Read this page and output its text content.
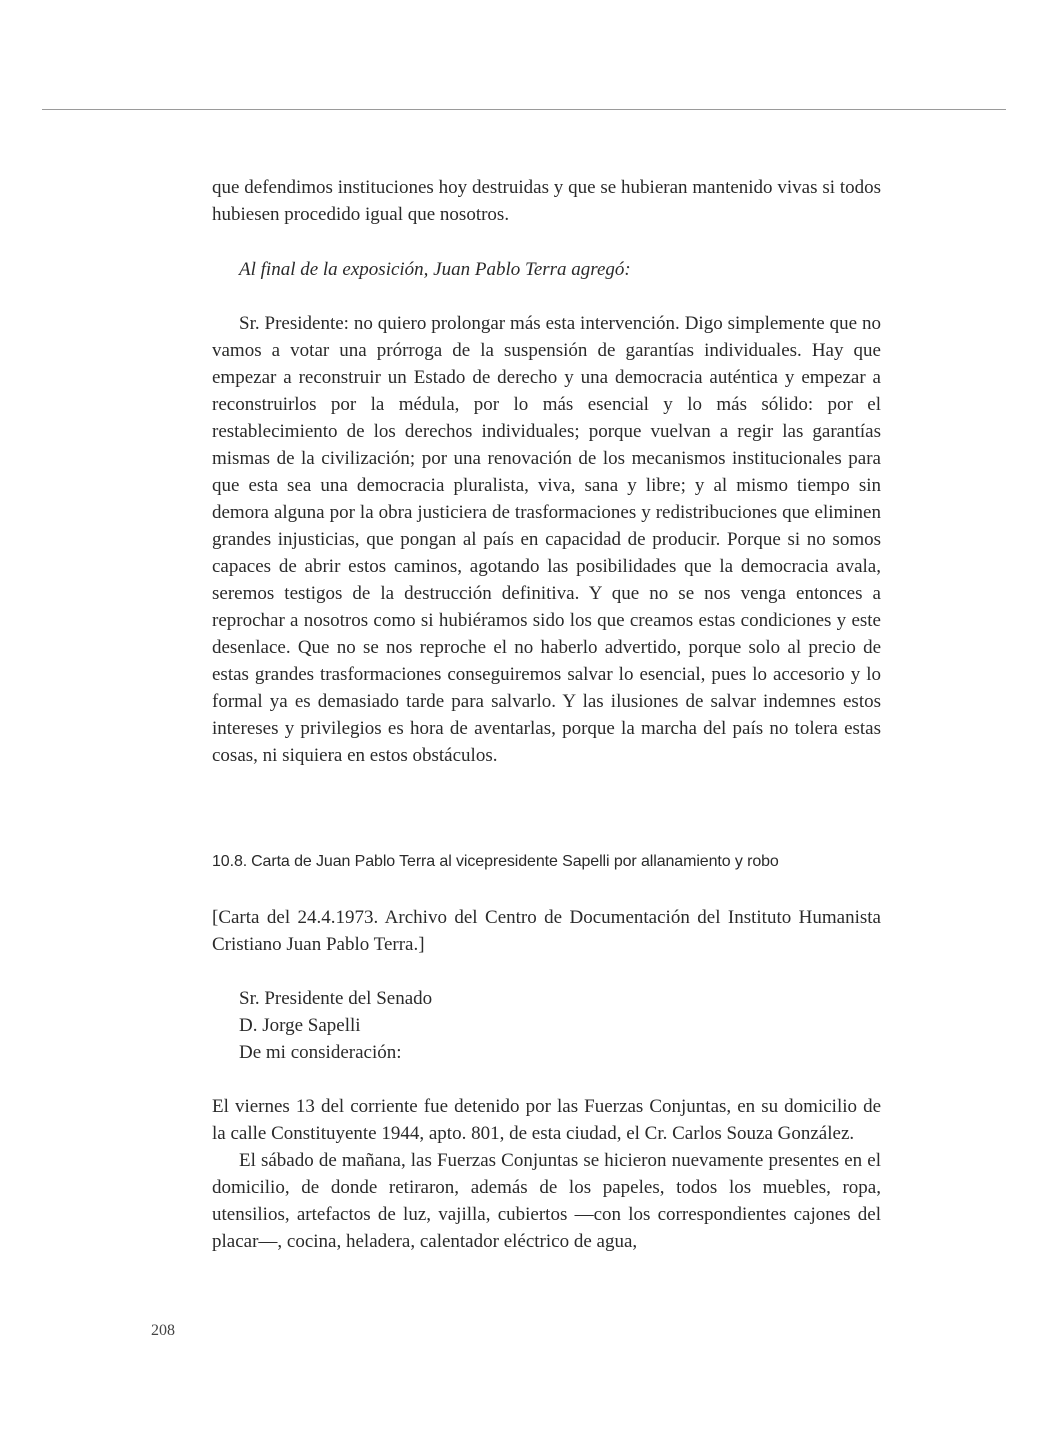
que defendimos instituciones hoy destruidas y que se hubieran mantenido vivas si todos hubiesen procedido igual que nosotros.

Al final de la exposición, Juan Pablo Terra agregó:

Sr. Presidente: no quiero prolongar más esta intervención. Digo simplemente que no vamos a votar una prórroga de la suspensión de garantías individuales. Hay que empezar a reconstruir un Estado de derecho y una democracia auténtica y empezar a reconstruirlos por la médula, por lo más esencial y lo más sólido: por el restablecimiento de los derechos individuales; porque vuelvan a regir las garantías mismas de la civilización; por una renovación de los mecanismos institucionales para que esta sea una democracia pluralista, viva, sana y libre; y al mismo tiempo sin demora alguna por la obra justiciera de trasformaciones y redistribuciones que eliminen grandes injusticias, que pongan al país en capacidad de producir. Porque si no somos capaces de abrir estos caminos, agotando las posibilidades que la democracia avala, seremos testigos de la destrucción definitiva. Y que no se nos venga entonces a reprochar a nosotros como si hubiéramos sido los que creamos estas condiciones y este desenlace. Que no se nos reproche el no haberlo advertido, porque solo al precio de estas grandes trasformaciones conseguiremos salvar lo esencial, pues lo accesorio y lo formal ya es demasiado tarde para salvarlo. Y las ilusiones de salvar indemnes estos intereses y privilegios es hora de aventarlas, porque la marcha del país no tolera estas cosas, ni siquiera en estos obstáculos.

10.8. Carta de Juan Pablo Terra al vicepresidente Sapelli por allanamiento y robo

[Carta del 24.4.1973. Archivo del Centro de Documentación del Instituto Humanista Cristiano Juan Pablo Terra.]

Sr. Presidente del Senado
D. Jorge Sapelli
De mi consideración:

El viernes 13 del corriente fue detenido por las Fuerzas Conjuntas, en su domicilio de la calle Constituyente 1944, apto. 801, de esta ciudad, el Cr. Carlos Souza González.

El sábado de mañana, las Fuerzas Conjuntas se hicieron nuevamente presentes en el domicilio, de donde retiraron, además de los papeles, todos los muebles, ropa, utensilios, artefactos de luz, vajilla, cubiertos —con los correspondientes cajones del placar—, cocina, heladera, calentador eléctrico de agua,

208
